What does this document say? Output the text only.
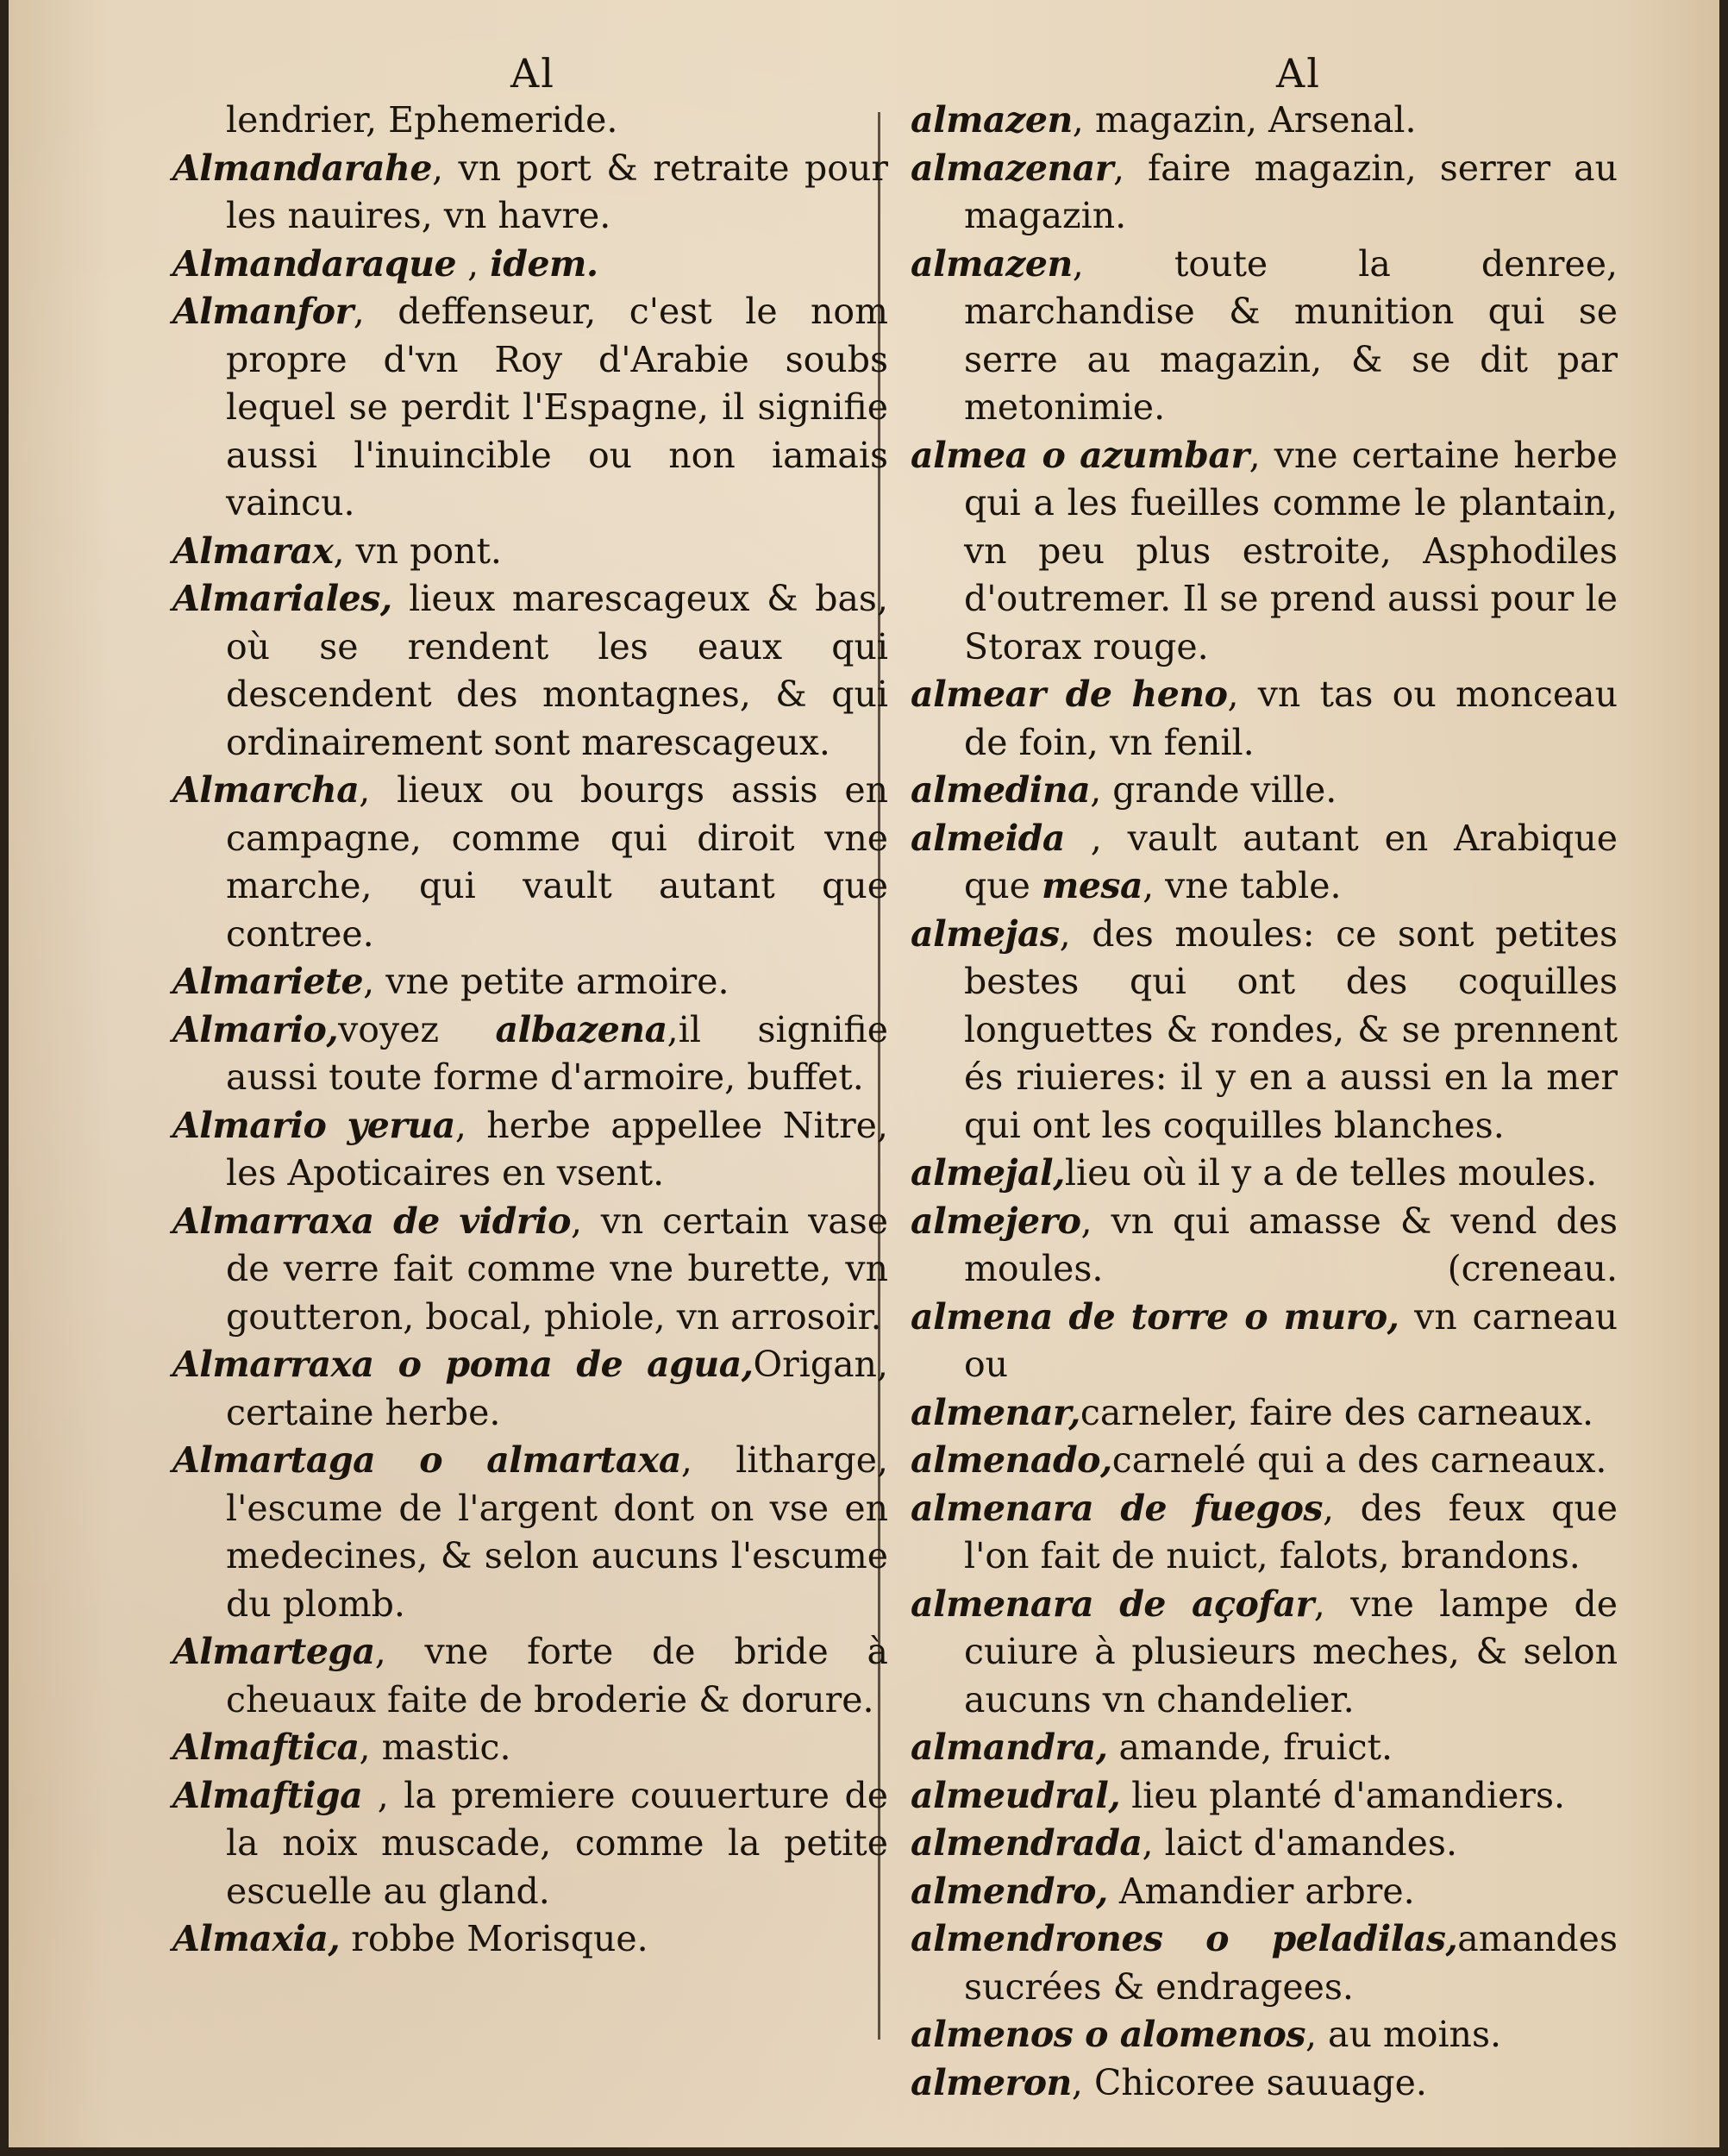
Al	Al
lendrier, Ephemeride.
Almandarahe, vn port & retraite pour les nauires, vn havre.
Almandaraque , idem.
Almanfor, deffenseur, c'est le nom propre d'vn Roy d'Arabie soubs lequel se perdit l'Espagne, il signifie aussi l'inuincible ou non iamais vaincu.
Almarax, vn pont.
Almariales, lieux marescageux & bas, où se rendent les eaux qui descendent des montagnes, & qui ordinairement sont marescageux.
Almarcha, lieux ou bourgs assis en campagne, comme qui diroit vne marche, qui vault autant que contree.
Almariete, vne petite armoire.
Almario,voyez albazena,il signifie aussi toute forme d'armoire, buffet.
Almario yerua, herbe appellee Nitre, les Apoticaires en vsent.
Almarraxa de vidrio, vn certain vase de verre fait comme vne burette, vn goutteron, bocal, phiole, vn arrosoir.
Almarraxa o poma de agua,Origan, certaine herbe.
Almartaga o almartaxa, litharge, l'escume de l'argent dont on vse en medecines, & selon aucuns l'escume du plomb.
Almartega, vne forte de bride à cheuaux faite de broderie & dorure.
Almaftica, mastic.
Almaftiga , la premiere couuerture de la noix muscade, comme la petite escuelle au gland.
Almaxia, robbe Morisque.
almazen, magazin, Arsenal.
almazenar, faire magazin, serrer au magazin.
almazen, toute la denree, marchandise & munition qui se serre au magazin, & se dit par metonimie.
almea o azumbar, vne certaine herbe qui a les fueilles comme le plantain, vn peu plus estroite, Asphodiles d'outremer. Il se prend aussi pour le Storax rouge.
almear de heno, vn tas ou monceau de foin, vn fenil.
almedina, grande ville.
almeida , vault autant en Arabique que mesa, vne table.
almejas, des moules: ce sont petites bestes qui ont des coquilles longuettes & rondes, & se prennent és riuieres: il y en a aussi en la mer qui ont les coquilles blanches.
almejal,lieu où il y a de telles moules.
almejero, vn qui amasse & vend des moules.	(creneau.
almena de torre o muro, vn carneau ou
almenar,carneler, faire des carneaux.
almenado,carnelé qui a des carneaux.
almenara de fuegos, des feux que l'on fait de nuict, falots, brandons.
almenara de açofar, vne lampe de cuiure à plusieurs meches, & selon aucuns vn chandelier.
almandra, amande, fruict.
almeudral, lieu planté d'amandiers.
almendrada, laict d'amandes.
almendro, Amandier arbre.
almendrones o peladilas,amandes sucrées & endragees.
almenos o alomenos, au moins.
almeron, Chicoree sauuage.
